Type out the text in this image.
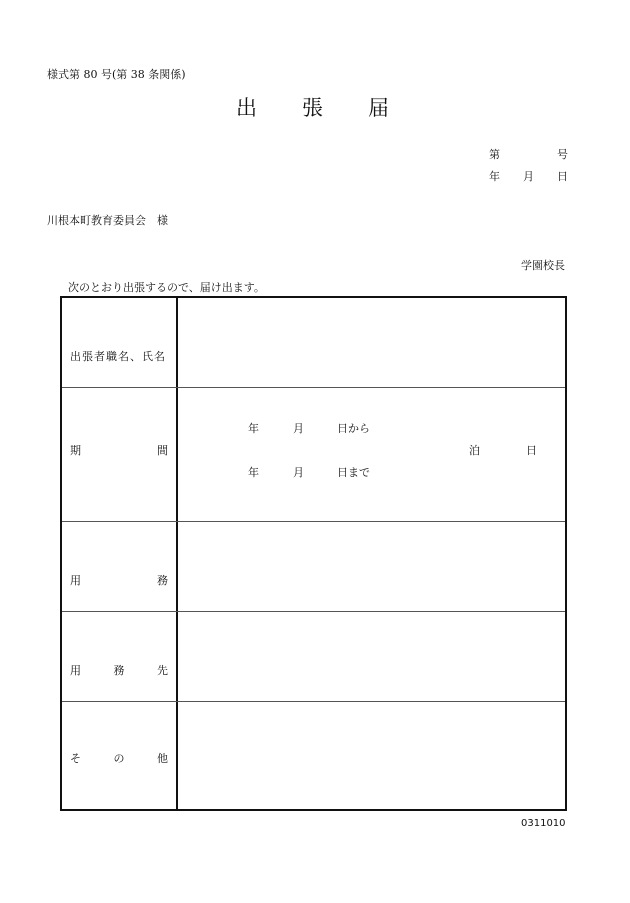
様式第 80 号(第 38 条関係)
出 張 届
第	号
年 月 日
川根本町教育委員会　様
学園校長
次のとおり出張するので、届け出ます。
出張者職名、氏名
期	間
年	月	日から
年	月	日まで
泊	日
用	務
用	務	先
そ	の	他
0311010
